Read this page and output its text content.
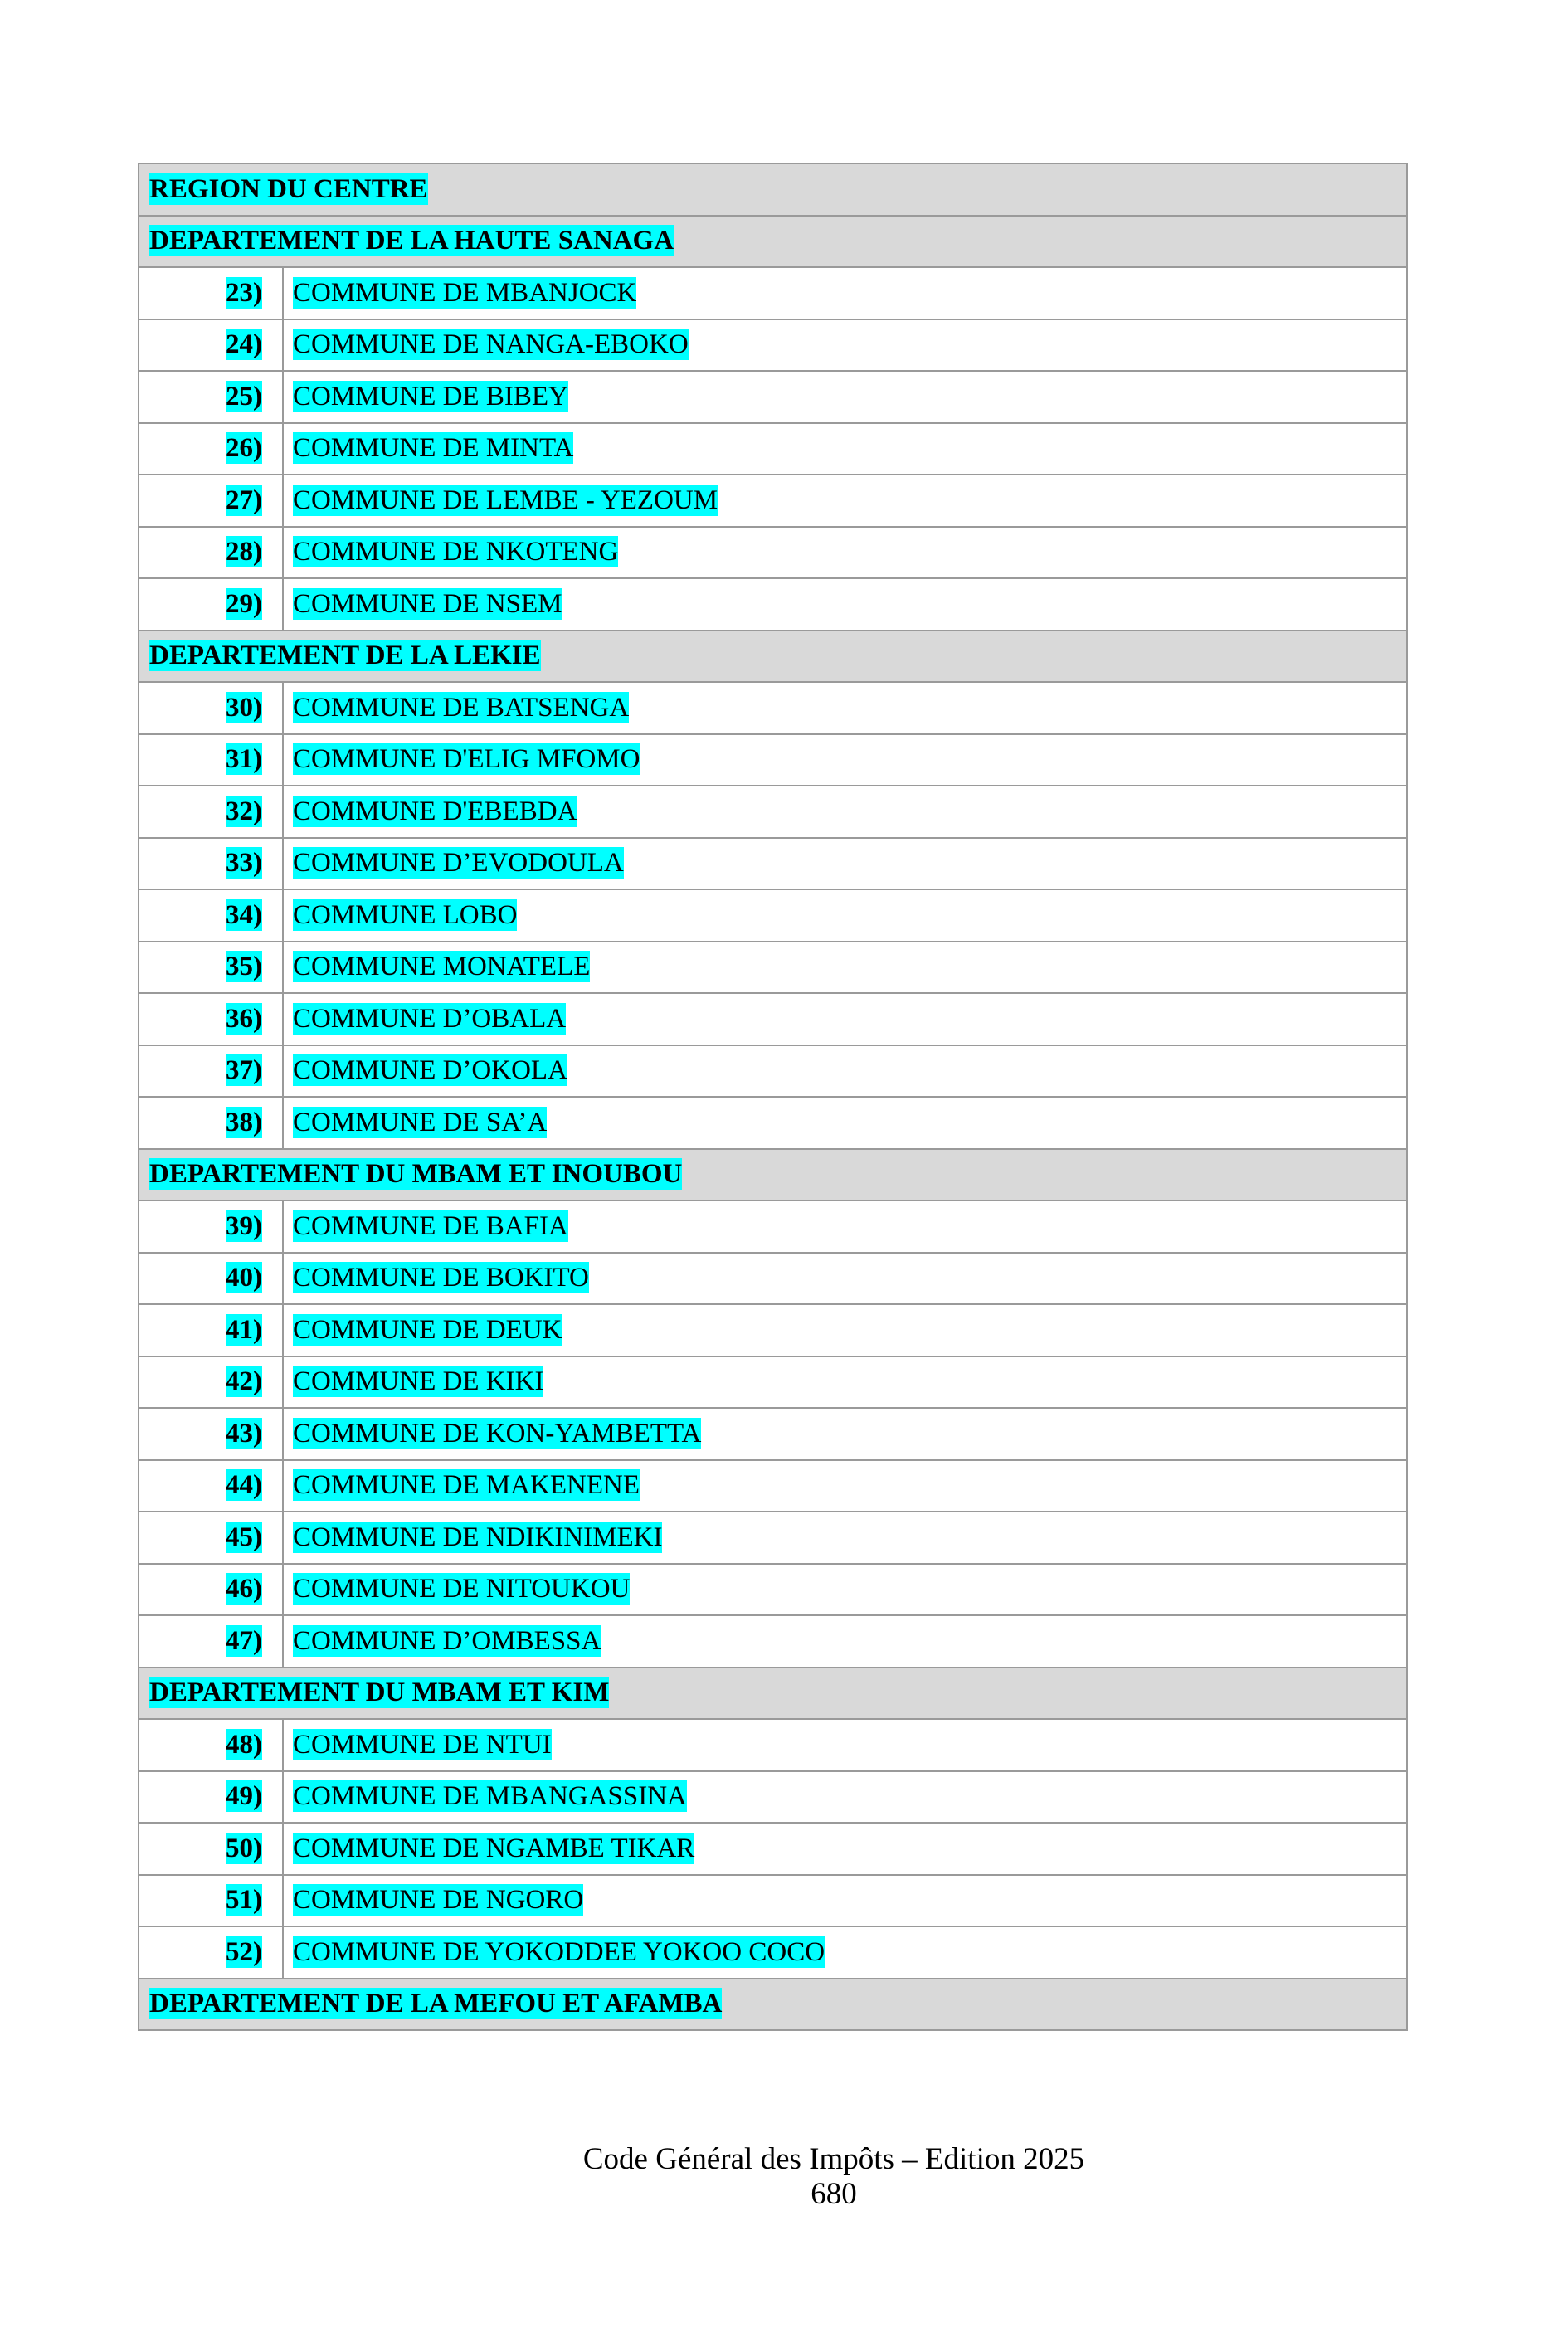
REGION DU CENTRE	
DEPARTEMENT DE LA HAUTE SANAGA	
23)	COMMUNE DE MBANJOCK
24)	COMMUNE DE NANGA-EBOKO
25)	COMMUNE DE BIBEY
26)	COMMUNE DE MINTA
27)	COMMUNE DE LEMBE - YEZOUM
28)	COMMUNE DE NKOTENG
29)	COMMUNE DE NSEM
DEPARTEMENT DE LA LEKIE	
30)	COMMUNE DE BATSENGA
31)	COMMUNE D'ELIG MFOMO
32)	COMMUNE D'EBEBDA
33)	COMMUNE D’EVODOULA
34)	COMMUNE LOBO
35)	COMMUNE MONATELE
36)	COMMUNE D’OBALA
37)	COMMUNE D’OKOLA
38)	COMMUNE DE SA’A
DEPARTEMENT DU MBAM ET INOUBOU	
39)	COMMUNE DE BAFIA
40)	COMMUNE DE BOKITO
41)	COMMUNE DE DEUK
42)	COMMUNE DE KIKI
43)	COMMUNE DE KON-YAMBETTA
44)	COMMUNE DE MAKENENE
45)	COMMUNE DE NDIKINIMEKI
46)	COMMUNE DE NITOUKOU
47)	COMMUNE D’OMBESSA
DEPARTEMENT DU MBAM ET KIM	
48)	COMMUNE DE NTUI
49)	COMMUNE DE MBANGASSINA
50)	COMMUNE DE NGAMBE TIKAR
51)	COMMUNE DE NGORO
52)	COMMUNE DE YOKODDEE YOKOO COCO
DEPARTEMENT DE LA MEFOU ET AFAMBA	
Code Général des Impôts – Edition 2025
680
